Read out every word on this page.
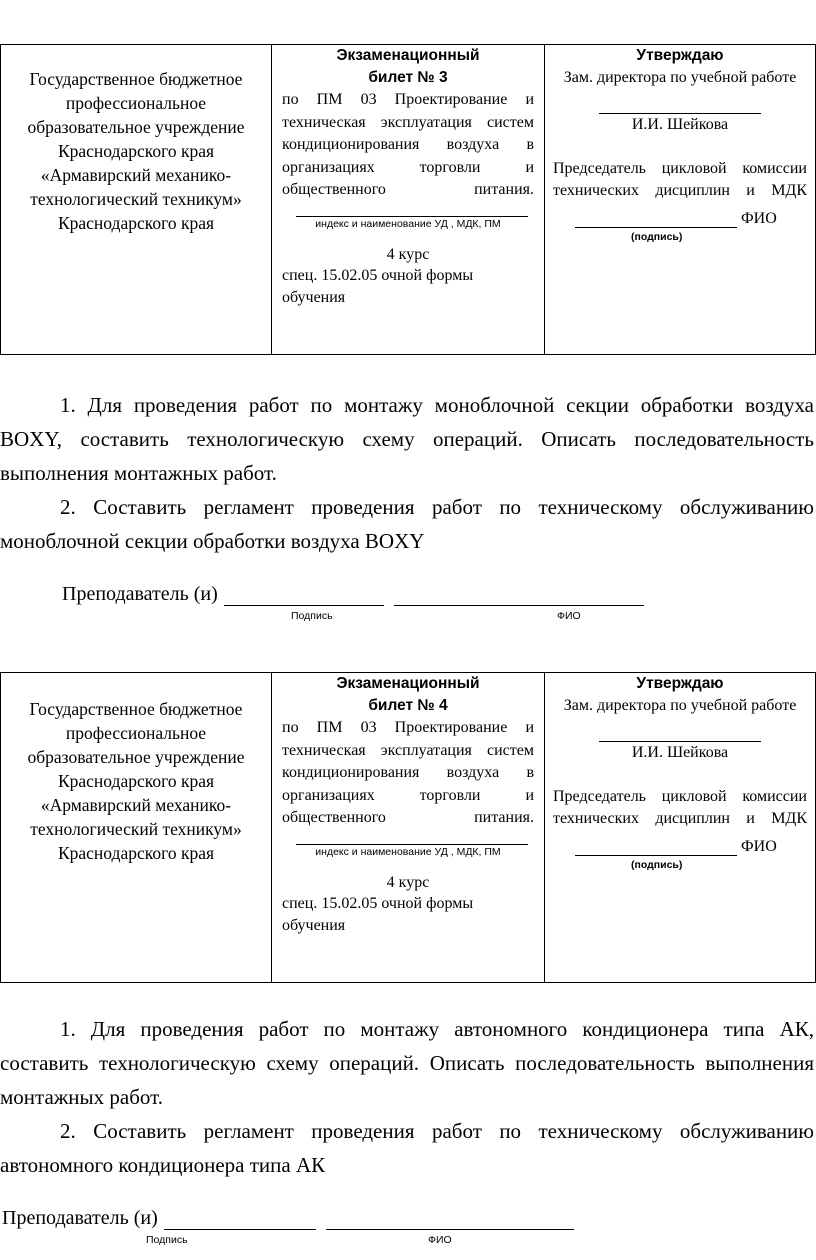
Государственное бюджетное профессиональное образовательное учреждение Краснодарского края «Армавирский механико-технологический техникум» Краснодарского края

Экзаменационный
билет № 3
по ПМ 03 Проектирование и техническая эксплуатация систем кондиционирования воздуха в организациях торговли и общественного питания.
индекс и наименование УД , МДК, ПМ
4 курс
спец. 15.02.05 очной формы обучения

Утверждаю
Зам. директора по учебной работе
И.И. Шейкова
Председатель цикловой комиссии технических дисциплин и МДК
ФИО
(подпись)

1. Для проведения работ по монтажу моноблочной секции обработки воздуха BOXY, составить технологическую схему операций. Описать последовательность выполнения монтажных работ.

2. Составить регламент проведения работ по техническому обслуживанию моноблочной секции обработки воздуха BOXY

Преподаватель (и)
Подпись	ФИО
Государственное бюджетное профессиональное образовательное учреждение Краснодарского края «Армавирский механико-технологический техникум» Краснодарского края

Экзаменационный
билет № 4
по ПМ 03 Проектирование и техническая эксплуатация систем кондиционирования воздуха в организациях торговли и общественного питания.
индекс и наименование УД , МДК, ПМ
4 курс
спец. 15.02.05 очной формы обучения

Утверждаю
Зам. директора по учебной работе
И.И. Шейкова
Председатель цикловой комиссии технических дисциплин и МДК
ФИО
(подпись)

1. Для проведения работ по монтажу автономного кондиционера типа АК, составить технологическую схему операций. Описать последовательность выполнения монтажных работ.

2. Составить регламент проведения работ по техническому обслуживанию автономного кондиционера типа АК

Преподаватель (и)
Подпись	ФИО
